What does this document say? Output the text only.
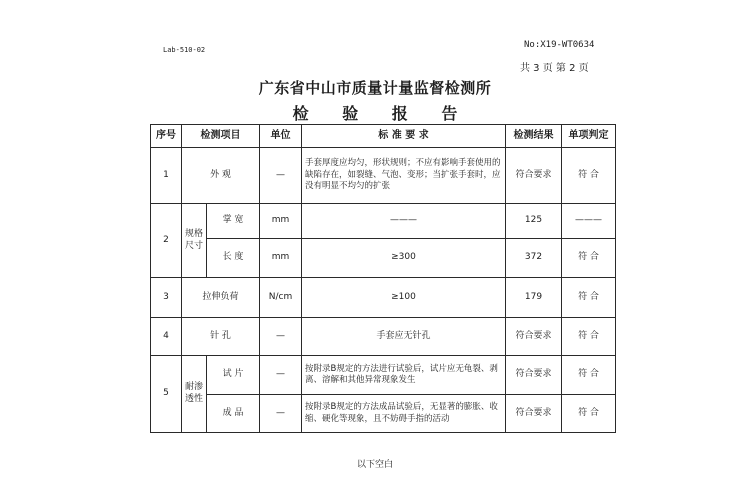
Lab-510-02	No:X19-WT0634
共 3 页 第 2 页
广东省中山市质量计量监督检测所
检 验 报 告
序号	检测项目		单位	标 准 要 求	检测结果	单项判定
1	外 观		—	手套厚度应均匀，形状规则；不应有影响手套使用的缺陷存在，如裂缝、气泡、变形；当扩张手套时，应没有明显不均匀的扩张	符合要求	符 合
2	规格尺寸	掌 宽	mm	———	125	———
		长 度	mm	≥300	372	符 合
3	拉伸负荷		N/cm	≥100	179	符 合
4	针 孔		—	手套应无针孔	符合要求	符 合
5	耐渗透性	试 片	—	按附录B规定的方法进行试验后，试片应无龟裂、剥离、溶解和其他异常现象发生	符合要求	符 合
		成 品	—	按附录B规定的方法成品试验后，无显著的膨胀、收缩、硬化等现象，且不妨碍手指的活动	符合要求	符 合
以下空白
